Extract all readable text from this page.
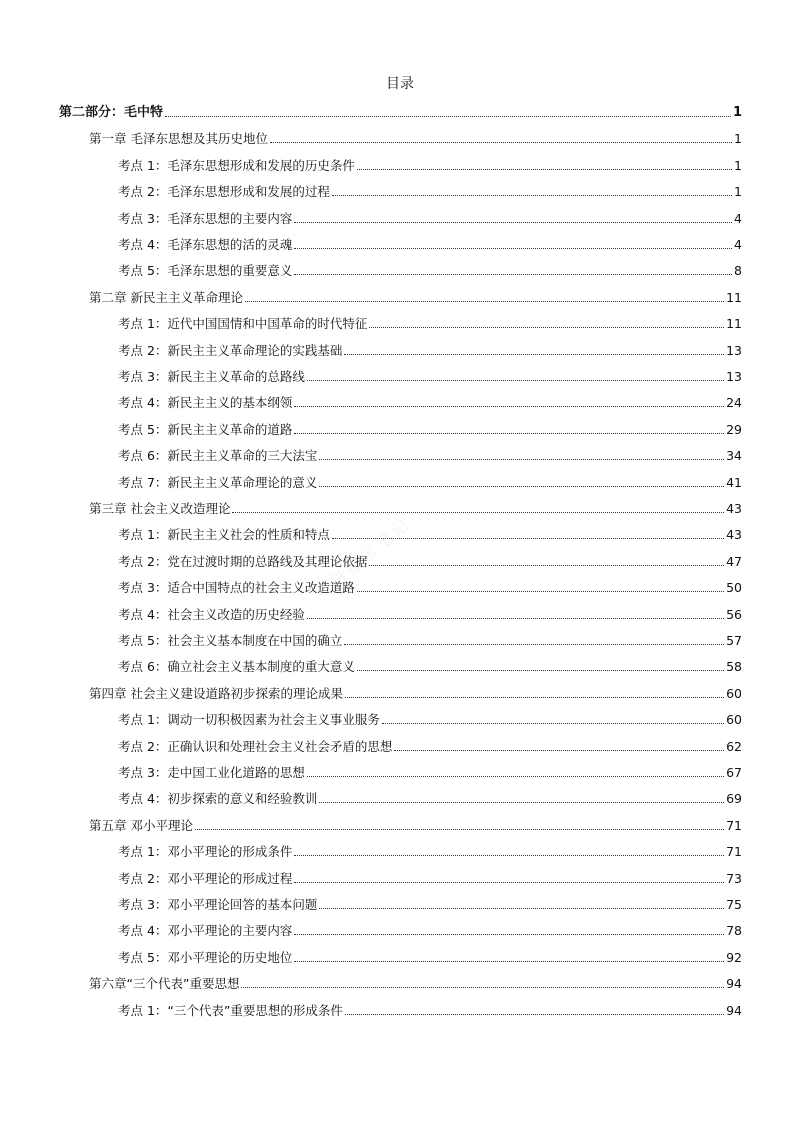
目录
研途宝笔记
第二部分：毛中特	1
第一章 毛泽东思想及其历史地位	1
考点 1：毛泽东思想形成和发展的历史条件	1
考点 2：毛泽东思想形成和发展的过程	1
考点 3：毛泽东思想的主要内容	4
考点 4：毛泽东思想的活的灵魂	4
考点 5：毛泽东思想的重要意义	8
第二章 新民主主义革命理论	11
考点 1：近代中国国情和中国革命的时代特征	11
考点 2：新民主主义革命理论的实践基础	13
考点 3：新民主主义革命的总路线	13
考点 4：新民主主义的基本纲领	24
考点 5：新民主主义革命的道路	29
考点 6：新民主主义革命的三大法宝	34
考点 7：新民主主义革命理论的意义	41
第三章 社会主义改造理论	43
考点 1：新民主主义社会的性质和特点	43
考点 2：党在过渡时期的总路线及其理论依据	47
考点 3：适合中国特点的社会主义改造道路	50
考点 4：社会主义改造的历史经验	56
考点 5：社会主义基本制度在中国的确立	57
考点 6：确立社会主义基本制度的重大意义	58
第四章 社会主义建设道路初步探索的理论成果	60
考点 1：调动一切积极因素为社会主义事业服务	60
考点 2：正确认识和处理社会主义社会矛盾的思想	62
考点 3：走中国工业化道路的思想	67
考点 4：初步探索的意义和经验教训	69
第五章 邓小平理论	71
考点 1：邓小平理论的形成条件	71
考点 2：邓小平理论的形成过程	73
考点 3：邓小平理论回答的基本问题	75
考点 4：邓小平理论的主要内容	78
考点 5：邓小平理论的历史地位	92
第六章“三个代表”重要思想	94
考点 1：“三个代表”重要思想的形成条件	94
